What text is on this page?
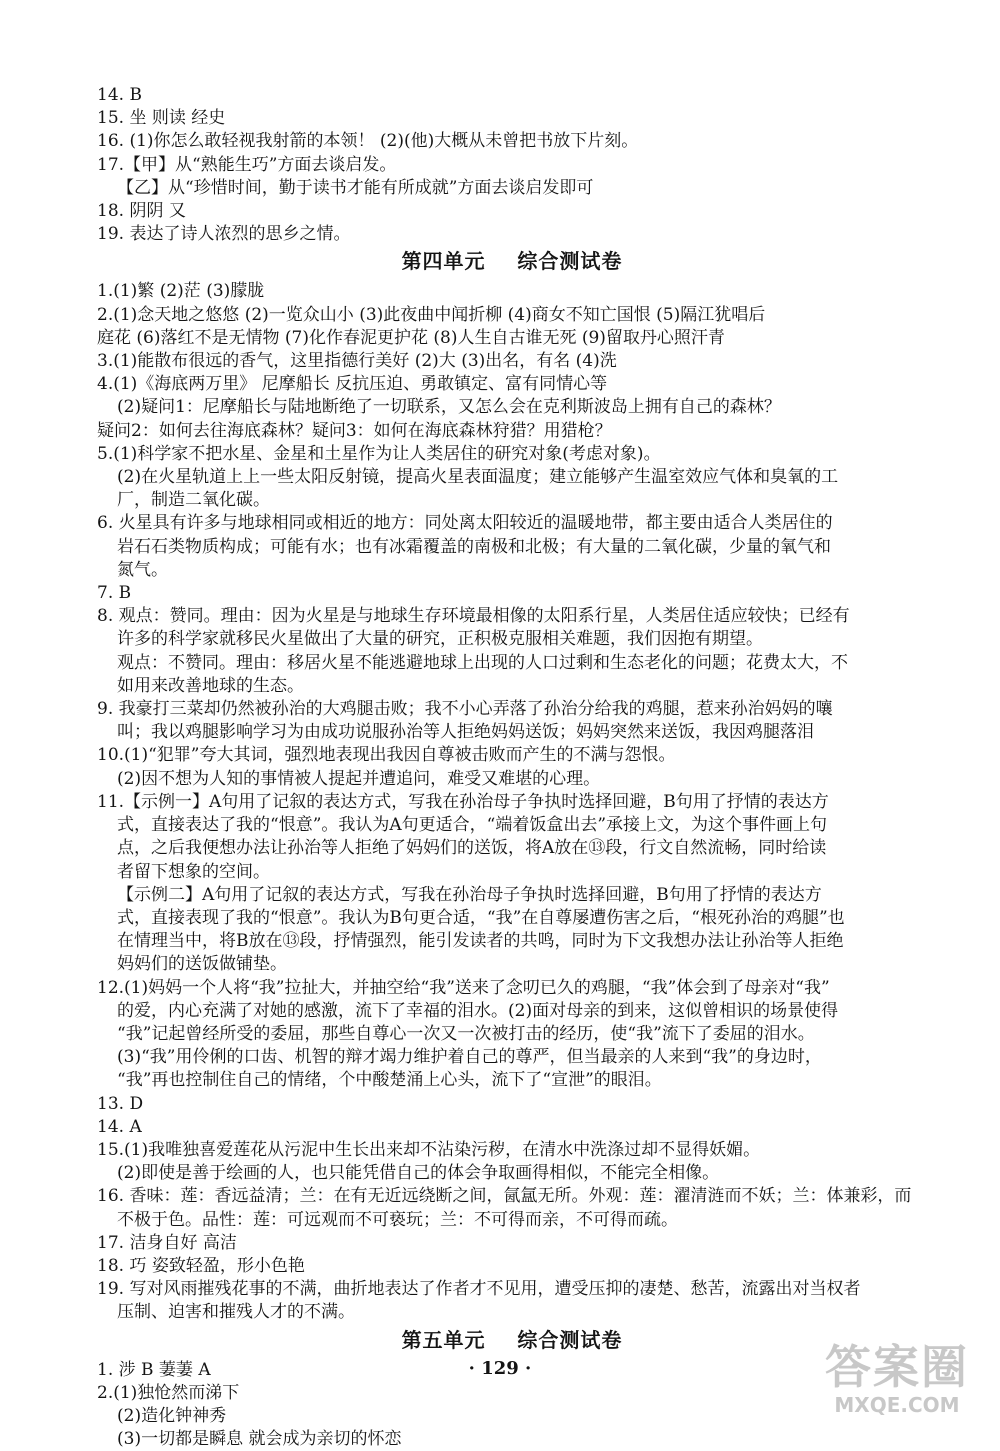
14. B
15. 坐 则读 经史
16. (1)你怎么敢轻视我射箭的本领！ (2)(他)大概从未曾把书放下片刻。
17.【甲】从“熟能生巧”方面去谈启发。
【乙】从“珍惜时间，勤于读书才能有所成就”方面去谈启发即可
18. 阴阴 又
19. 表达了诗人浓烈的思乡之情。
第四单元    综合测试卷
1.(1)繁 (2)茫 (3)朦胧
2.(1)念天地之悠悠 (2)一览众山小 (3)此夜曲中闻折柳 (4)商女不知亡国恨 (5)隔江犹唱后
庭花 (6)落红不是无情物 (7)化作春泥更护花 (8)人生自古谁无死 (9)留取丹心照汗青
3.(1)能散布很远的香气，这里指德行美好 (2)大 (3)出名，有名 (4)洗
4.(1)《海底两万里》 尼摩船长 反抗压迫、勇敢镇定、富有同情心等
(2)疑问1：尼摩船长与陆地断绝了一切联系，又怎么会在克利斯波岛上拥有自己的森林？
疑问2：如何去往海底森林？疑问3：如何在海底森林狩猎？用猎枪？
5.(1)科学家不把水星、金星和土星作为让人类居住的研究对象(考虑对象)。
(2)在火星轨道上上一些太阳反射镜，提高火星表面温度；建立能够产生温室效应气体和臭氧的工
厂，制造二氧化碳。
6. 火星具有许多与地球相同或相近的地方：同处离太阳较近的温暖地带，都主要由适合人类居住的
岩石石类物质构成；可能有水；也有冰霜覆盖的南极和北极；有大量的二氧化碳，少量的氧气和
氮气。
7. B
8. 观点：赞同。理由：因为火星是与地球生存环境最相像的太阳系行星，人类居住适应较快；已经有
许多的科学家就移民火星做出了大量的研究，正积极克服相关难题，我们因抱有期望。
观点：不赞同。理由：移居火星不能逃避地球上出现的人口过剩和生态老化的问题；花费太大，不
如用来改善地球的生态。
9. 我豪打三菜却仍然被孙治的大鸡腿击败；我不小心弄落了孙治分给我的鸡腿，惹来孙治妈妈的嚷
叫；我以鸡腿影响学习为由成功说服孙治等人拒绝妈妈送饭；妈妈突然来送饭，我因鸡腿落泪
10.(1)“犯罪”夸大其词，强烈地表现出我因自尊被击败而产生的不满与怨恨。
(2)因不想为人知的事情被人提起并遭追问，难受又难堪的心理。
11.【示例一】A句用了记叙的表达方式，写我在孙治母子争执时选择回避，B句用了抒情的表达方
式，直接表达了我的“恨意”。我认为A句更适合，“端着饭盒出去”承接上文，为这个事件画上句
点，之后我便想办法让孙治等人拒绝了妈妈们的送饭，将A放在⑬段，行文自然流畅，同时给读
者留下想象的空间。
【示例二】A句用了记叙的表达方式，写我在孙治母子争执时选择回避，B句用了抒情的表达方
式，直接表现了我的“恨意”。我认为B句更合适，“我”在自尊屡遭伤害之后，“根死孙治的鸡腿”也
在情理当中，将B放在⑬段，抒情强烈，能引发读者的共鸣，同时为下文我想办法让孙治等人拒绝
妈妈们的送饭做铺垫。
12.(1)妈妈一个人将“我”拉扯大，并抽空给“我”送来了念叨已久的鸡腿，“我”体会到了母亲对“我”
的爱，内心充满了对她的感激，流下了幸福的泪水。(2)面对母亲的到来，这似曾相识的场景使得
“我”记起曾经所受的委屈，那些自尊心一次又一次被打击的经历，使“我”流下了委屈的泪水。
(3)“我”用伶俐的口齿、机智的辩才竭力维护着自己的尊严，但当最亲的人来到“我”的身边时，
“我”再也控制住自己的情绪，个中酸楚涌上心头，流下了“宣泄”的眼泪。
13. D
14. A
15.(1)我唯独喜爱莲花从污泥中生长出来却不沾染污秽，在清水中洗涤过却不显得妖媚。
(2)即使是善于绘画的人，也只能凭借自己的体会争取画得相似，不能完全相像。
16. 香味：莲：香远益清；兰：在有无近远绕断之间，氤氲无所。外观：莲：濯清涟而不妖；兰：体兼彩，而
不极于色。品性：莲：可远观而不可亵玩；兰：不可得而亲，不可得而疏。
17. 洁身自好 高洁
18. 巧 姿致轻盈，形小色艳
19. 写对风雨摧残花事的不满，曲折地表达了作者才不见用，遭受压抑的凄楚、愁苦，流露出对当权者
压制、迫害和摧残人才的不满。
第五单元    综合测试卷
1. 涉 B 萋萋 A
2.(1)独怆然而涕下
(2)造化钟神秀
(3)一切都是瞬息 就会成为亲切的怀恋
· 129 ·	答案圈
MXQE.COM
